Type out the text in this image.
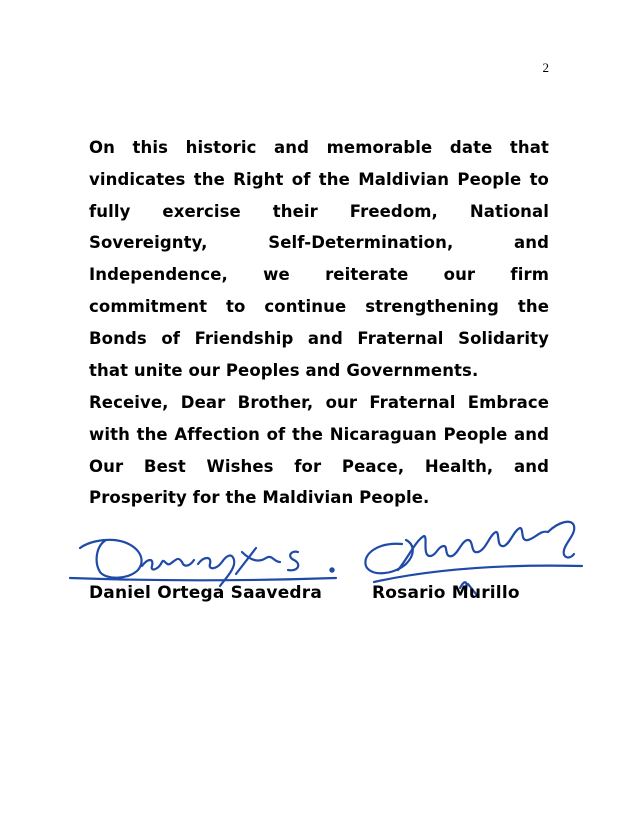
2
On this historic and memorable date that vindicates the Right of the Maldivian People to fully exercise their Freedom, National Sovereignty, Self-Determination, and Independence, we reiterate our firm commitment to continue strengthening the Bonds of Friendship and Fraternal Solidarity that unite our Peoples and Governments.
Receive, Dear Brother, our Fraternal Embrace with the Affection of the Nicaraguan People and Our Best Wishes for Peace, Health, and Prosperity for the Maldivian People.
Daniel Ortega Saavedra	Rosario Murillo
